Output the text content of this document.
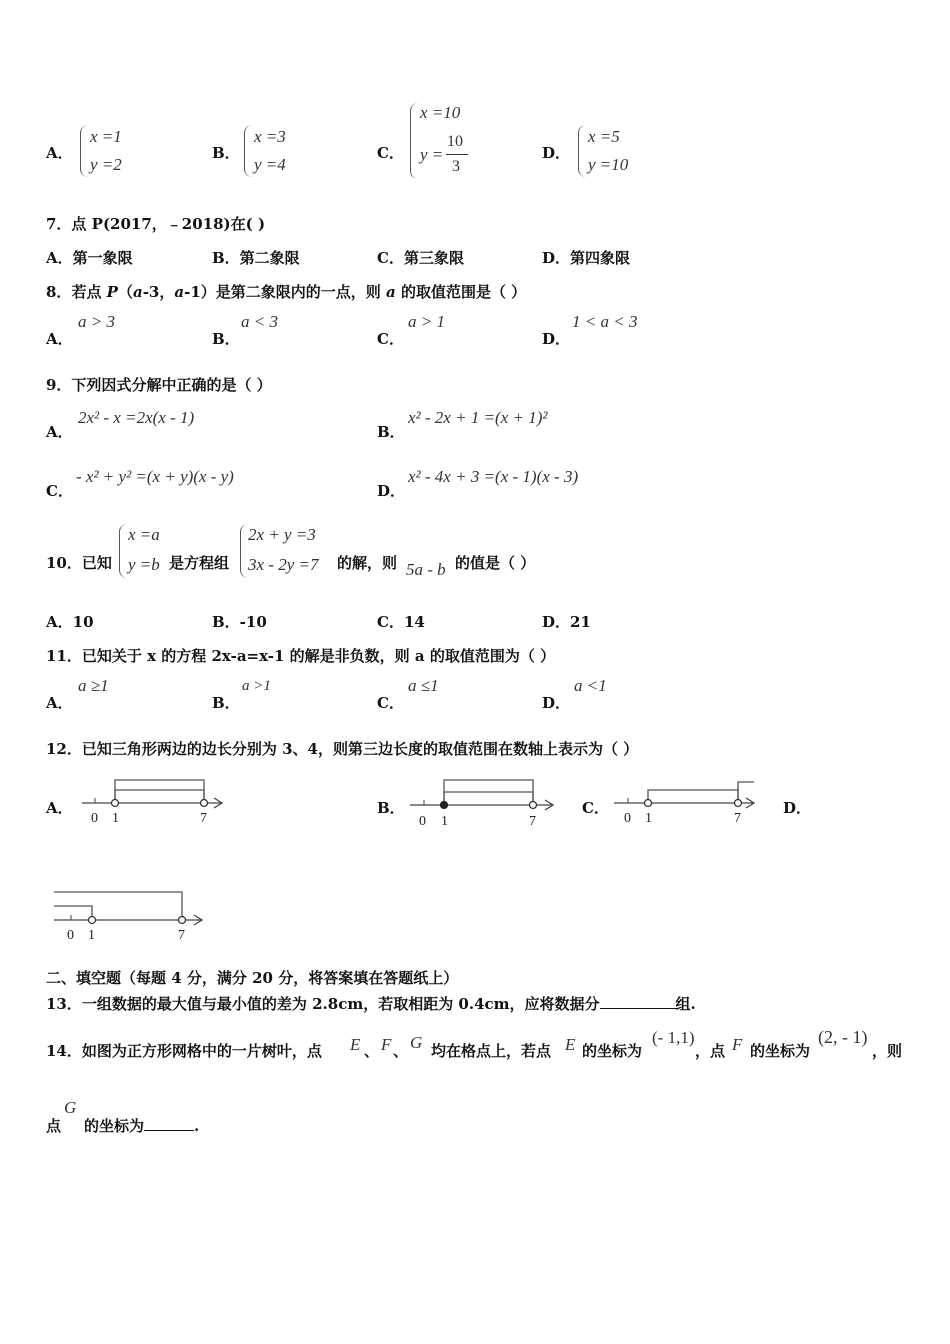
A．
x =1
y =2
B．
x =3
y =4
C．
x =10
y =
10
3
D．
x =5
y =10
7．点 P(2017，﹣2018)在( )
A．第一象限	B．第二象限	C．第三象限	D．第四象限
8．若点 P（a-3，a-1）是第二象限内的一点，则 a 的取值范围是（ ）
A．
a > 3
B．
a < 3
C．
a > 1
D．
1 < a < 3
9．下列因式分解中正确的是（ ）
A．
2x² - x =2x(x - 1)
B．
x² - 2x + 1 =(x + 1)²
C．
- x² + y² =(x + y)(x - y)
D．
x² - 4x + 3 =(x - 1)(x - 3)
10．已知
x =a
y =b 是方程组
2x + y =3
3x - 2y =7 的解，则 5a - b 的值是（ ）
A．10	B．-10	C．14	D．21
11．已知关于 x 的方程 2x-a=x-1 的解是非负数，则 a 的取值范围为（ ）
A．
a ≥1
B．
a >1
C．
a ≤1
D．
a <1
12．已知三角形两边的边长分别为 3、4，则第三边长度的取值范围在数轴上表示为（ ）
A．
0 1	7
B．
0 1	7
C．
0 1	7
D．
0 1	7
二、填空题（每题 4 分，满分 20 分，将答案填在答题纸上）
13．一组数据的最大值与最小值的差为 2.8cm，若取相距为 0.4cm，应将数据分	组.
14．如图为正方形网格中的一片树叶，点 E 、 F 、 G 均在格点上，若点 E 的坐标为
(- 1,1)
，点 F 的坐标为
(2, - 1)
，则
点
G
的坐标为	.
